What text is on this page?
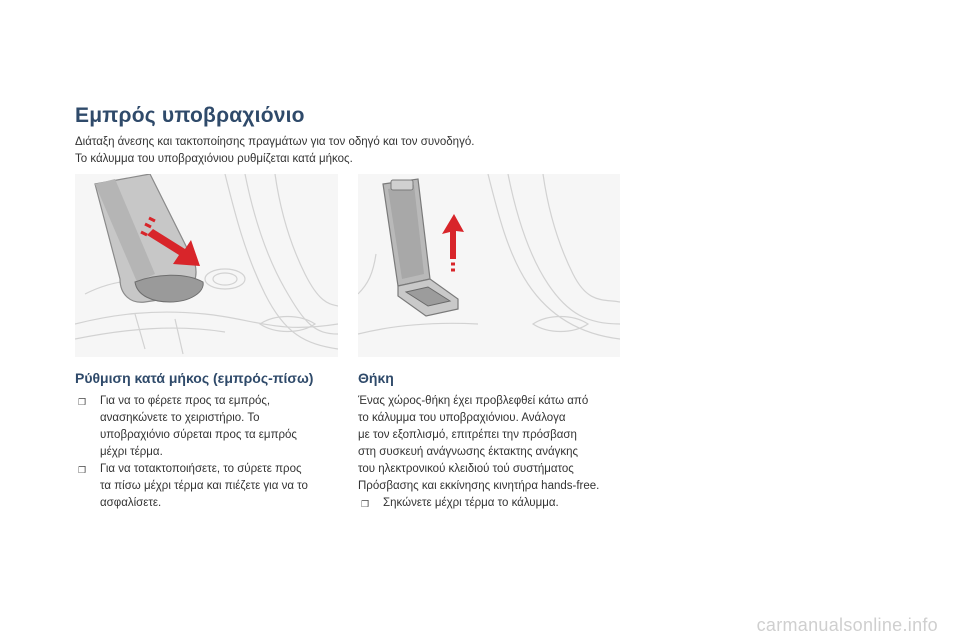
Εμπρός υποβραχιόνιο
Διάταξη άνεσης και τακτοποίησης πραγμάτων για τον οδηγό και τον συνοδηγό.
Το κάλυμμα του υποβραχιόνιου ρυθμίζεται κατά μήκος.
Ρύθμιση κατά μήκος (εμπρός-πίσω)
❒ Για να το φέρετε προς τα εμπρός,
ανασηκώνετε το χειριστήριο. Το
υποβραχιόνιο σύρεται προς τα εμπρός
μέχρι τέρμα.
❒ Για να τοτακτοποιήσετε, το σύρετε προς
τα πίσω μέχρι τέρμα και πιέζετε για να το
ασφαλίσετε.
Θήκη
Ένας χώρος-θήκη έχει προβλεφθεί κάτω από
το κάλυμμα του υποβραχιόνιου. Ανάλογα
με τον εξοπλισμό, επιτρέπει την πρόσβαση
στη συσκευή ανάγνωσης έκτακτης ανάγκης
του ηλεκτρονικού κλειδιού τού συστήματος
Πρόσβασης και εκκίνησης κινητήρα hands-free.
❒ Σηκώνετε μέχρι τέρμα το κάλυμμα.
carmanualsonline.info
